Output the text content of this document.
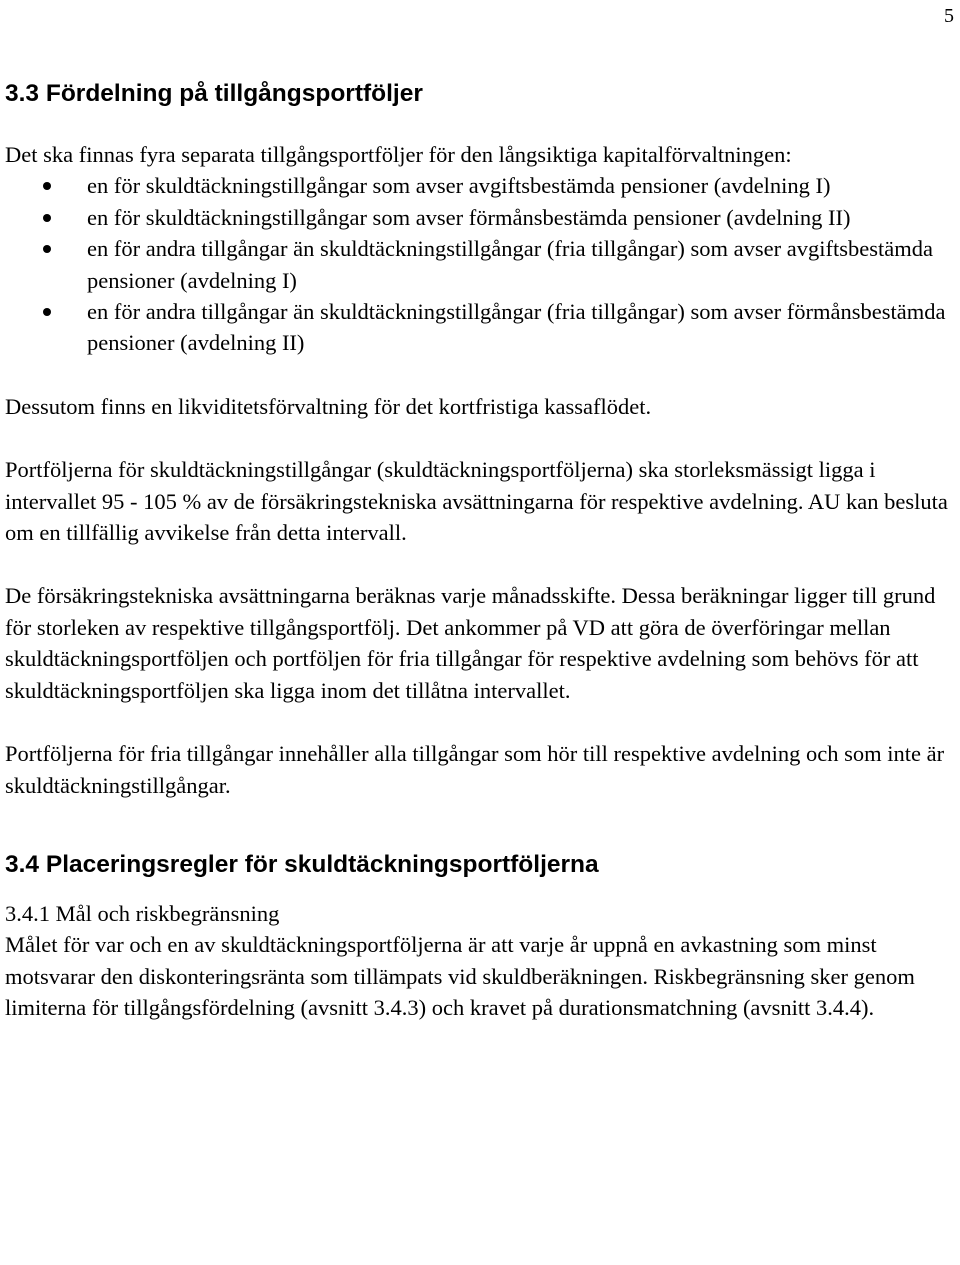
5
3.3 Fördelning på tillgångsportföljer

Det ska finnas fyra separata tillgångsportföljer för den långsiktiga kapitalförvaltningen:

en för skuldtäckningstillgångar som avser avgiftsbestämda pensioner (avdelning I)
en för skuldtäckningstillgångar som avser förmånsbestämda pensioner (avdelning II)
en för andra tillgångar än skuldtäckningstillgångar (fria tillgångar) som avser avgiftsbestämda pensioner (avdelning I)
en för andra tillgångar än skuldtäckningstillgångar (fria tillgångar) som avser förmånsbestämda pensioner (avdelning II)

Dessutom finns en likviditetsförvaltning för det kortfristiga kassaflödet.

Portföljerna för skuldtäckningstillgångar (skuldtäckningsportföljerna) ska storleksmässigt ligga i intervallet 95 - 105 % av de försäkringstekniska avsättningarna för respektive avdelning. AU kan besluta om en tillfällig avvikelse från detta intervall.

De försäkringstekniska avsättningarna beräknas varje månadsskifte. Dessa beräkningar ligger till grund för storleken av respektive tillgångsportfölj. Det ankommer på VD att göra de överföringar mellan skuldtäckningsportföljen och portföljen för fria tillgångar för respektive avdelning som behövs för att skuldtäckningsportföljen ska ligga inom det tillåtna intervallet.

Portföljerna för fria tillgångar innehåller alla tillgångar som hör till respektive avdelning och som inte är skuldtäckningstillgångar.

3.4 Placeringsregler för skuldtäckningsportföljerna

3.4.1 Mål och riskbegränsning

Målet för var och en av skuldtäckningsportföljerna är att varje år uppnå en avkastning som minst motsvarar den diskonteringsränta som tillämpats vid skuldberäkningen. Riskbegränsning sker genom limiterna för tillgångsfördelning (avsnitt 3.4.3) och kravet på durationsmatchning (avsnitt 3.4.4).
